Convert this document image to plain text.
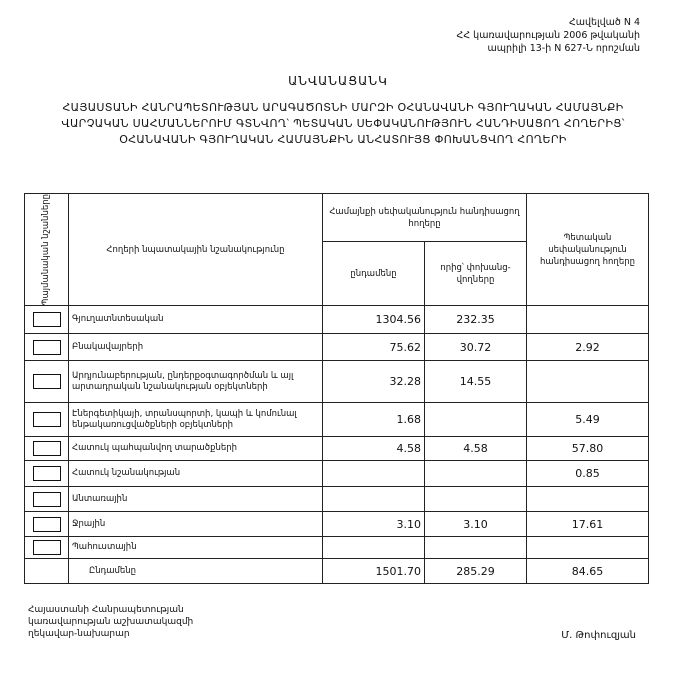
Հավելված N 4
ՀՀ կառավարության 2006 թվականի
ապրիլի 13-ի N 627-Ն որոշման
ԱՆՎԱՆԱՑԱՆԿ
ՀԱՅԱՍՏԱՆԻ ՀԱՆՐԱՊԵՏՈՒԹՅԱՆ ԱՐԱԳԱԾՈՏՆԻ ՄԱՐԶԻ ՕՀԱՆԱՎԱՆԻ ԳՅՈՒՂԱԿԱՆ ՀԱՄԱՅՆՔԻ ՎԱՐՉԱԿԱՆ ՍԱՀՄԱՆՆԵՐՈՒՄ ԳՏՆՎՈՂ՝ ՊԵՏԱԿԱՆ ՍԵՓԱԿԱՆՈՒԹՅՈՒՆ ՀԱՆԴԻՍԱՑՈՂ ՀՈՂԵՐԻՑ՝ ՕՀԱՆԱՎԱՆԻ ԳՅՈՒՂԱԿԱՆ ՀԱՄԱՅՆՔԻՆ ԱՆՀԱՏՈՒՅՑ ՓՈԽԱՆՑՎՈՂ ՀՈՂԵՐԻ
Պայմանական նշանները	Հողերի նպատակային նշանակությունը	Համայնքի սեփականություն հանդիսացող հողերը		Պետական սեփականություն հանդիսացող հողերը
		ընդամենը	որից՝ փոխանց-վողները	

	Գյուղատնտեսական	1304.56	232.35	

	Բնակավայրերի	75.62	30.72	2.92

	Արդյունաբերության, ընդերքօգտագործման և այլ արտադրական նշանակության օբյեկտների	32.28	14.55	

	Էներգետիկայի, տրանսպորտի, կապի և կոմունալ ենթակառուցվածքների օբյեկտների	1.68		5.49

	Հատուկ պահպանվող տարածքների	4.58	4.58	57.80

	Հատուկ նշանակության			0.85

	Անտառային			

	Ջրային	3.10	3.10	17.61

	Պահուստային			
	Ընդամենը	1501.70	285.29	84.65
Հայաստանի Հանրապետության
կառավարության աշխատակազմի
ղեկավար-նախարար	Մ. Թոփուզյան
